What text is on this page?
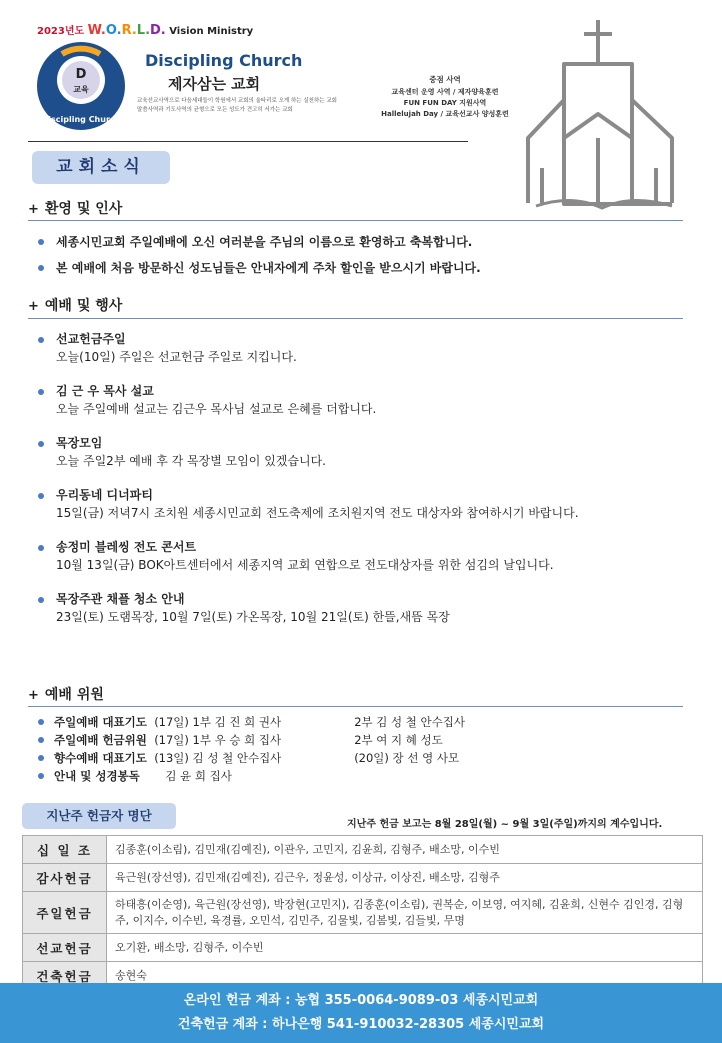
2023년도 W.O.R.L.D. Vision Ministry
D
교육
Discipling Church
Discipling Church
제자삼는 교회
교육선교사역으로 다음세대들이 학원에서 교회의 울타리로 오게 하는 실천하는 교회
말씀사역과 기도사역의 균형으로 모든 성도가 견고히 서가는 교회
중점 사역
교육센터 운영 사역 / 제자양육훈련
FUN FUN DAY 지원사역
Hallelujah Day / 교육선교사 양성훈련
교회소식
+ 환영 및 인사
세종시민교회 주일예배에 오신 여러분을 주님의 이름으로 환영하고 축복합니다.
본 예배에 처음 방문하신 성도님들은 안내자에게 주차 할인을 받으시기 바랍니다.
+ 예배 및 행사
선교헌금주일
오늘(10일) 주일은 선교헌금 주일로 지킵니다.
김 근 우 목사 설교
오늘 주일예배 설교는 김근우 목사님 설교로 은혜를 더합니다.
목장모임
오늘 주일2부 예배 후 각 목장별 모임이 있겠습니다.
우리동네 디너파티
15일(금) 저녁7시 조치원 세종시민교회 전도축제에 조치원지역 전도 대상자와 참여하시기 바랍니다.
송정미 블레씽 전도 콘서트
10월 13일(금) BOK아트센터에서 세종지역 교회 연합으로 전도대상자를 위한 섬김의 날입니다.
목장주관 채플 청소 안내
23일(토) 도램목장, 10월 7일(토) 가온목장, 10월 21일(토) 한뜰,새뜸 목장
+ 예배 위원
주일예배 대표기도 (17일) 1부 김 진 희 권사	2부 김 성 철 안수집사
주일예배 헌금위원 (17일) 1부 우 승 희 집사	2부 여 지 혜 성도
향수예배 대표기도 (13일) 김 성 철 안수집사	(20일) 장 선 영 사모
안내 및 성경봉독 김 윤 희 집사
지난주 헌금자 명단
지난주 헌금 보고는 8월 28일(월) ~ 9월 3일(주일)까지의 계수입니다.
십 일 조	김종훈(이소림), 김민재(김예진), 이관우, 고민지, 김윤희, 김형주, 배소망, 이수빈
감사헌금	육근원(장선영), 김민재(김예진), 김근우, 정윤성, 이상규, 이상진, 배소망, 김형주
주일헌금	하태흥(이순영), 육근원(장선영), 박장현(고민지), 김종훈(이소림), 권복순, 이보영, 여지혜, 김윤희, 신현수 김인경, 김형주, 이지수, 이수빈, 육경률, 오민석, 김민주, 김물빛, 김봄빛, 김들빛, 무명
선교헌금	오기환, 배소망, 김형주, 이수빈
건축헌금	송현숙
온라인 헌금 계좌 : 농협 355-0064-9089-03 세종시민교회
건축헌금 계좌 : 하나은행 541-910032-28305 세종시민교회
